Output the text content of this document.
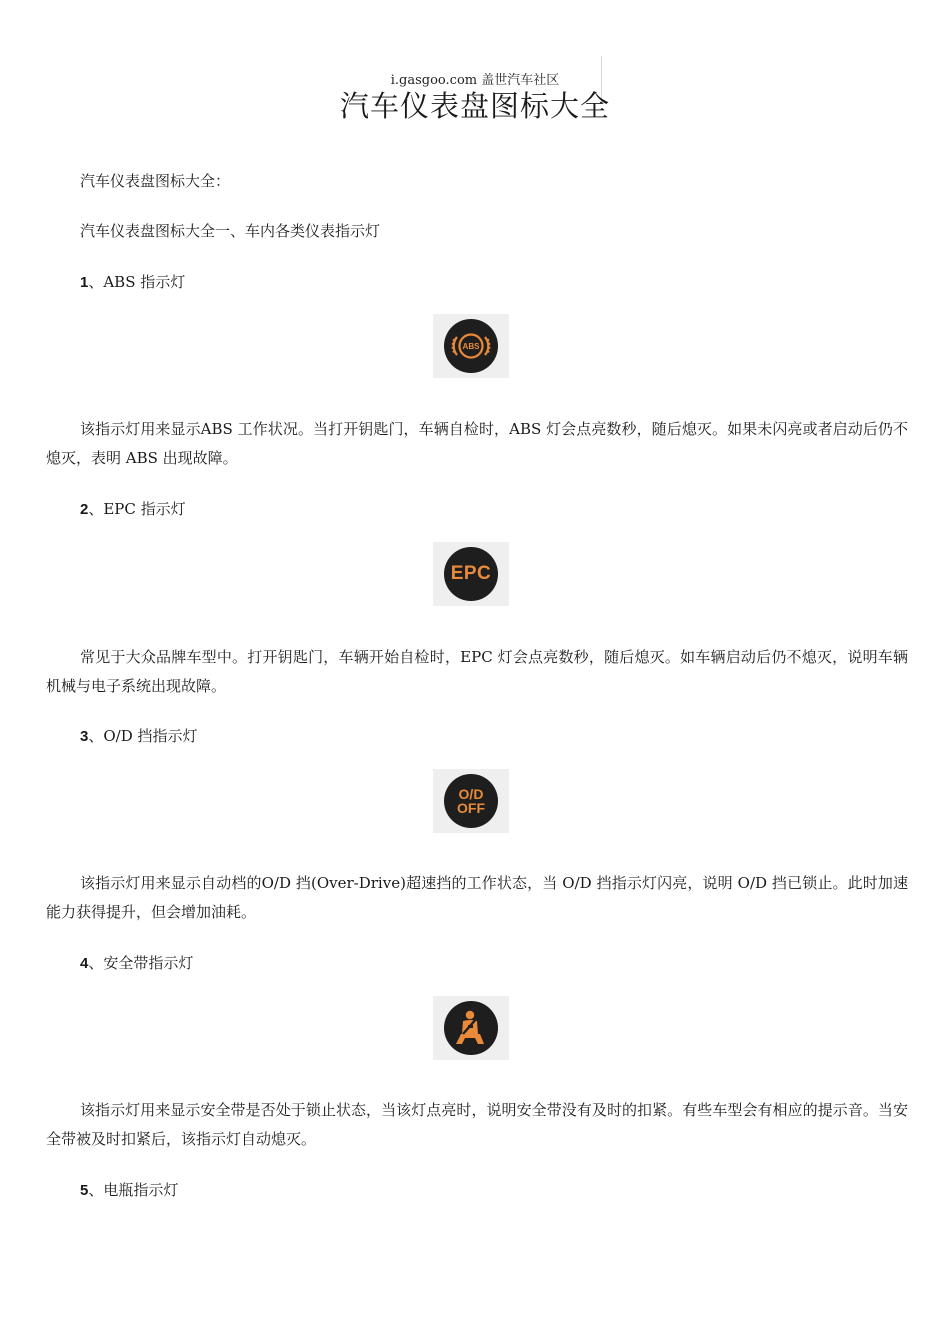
i.gasgoo.com 盖世汽车社区
汽车仪表盘图标大全
汽车仪表盘图标大全：
汽车仪表盘图标大全一、车内各类仪表指示灯
1、ABS 指示灯
ABS
该指示灯用来显示ABS 工作状况。当打开钥匙门，车辆自检时，ABS 灯会点亮数秒，随后熄灭。如果未闪亮或者启动后仍不熄灭，表明 ABS 出现故障。
2、EPC 指示灯
EPC
常见于大众品牌车型中。打开钥匙门，车辆开始自检时，EPC 灯会点亮数秒，随后熄灭。如车辆启动后仍不熄灭，说明车辆机械与电子系统出现故障。
3、O/D 挡指示灯
O/D
OFF
该指示灯用来显示自动档的O/D 挡(Over-Drive)超速挡的工作状态，当 O/D 挡指示灯闪亮，说明 O/D 挡已锁止。此时加速能力获得提升，但会增加油耗。
4、安全带指示灯
该指示灯用来显示安全带是否处于锁止状态，当该灯点亮时，说明安全带没有及时的扣紧。有些车型会有相应的提示音。当安全带被及时扣紧后，该指示灯自动熄灭。
5、电瓶指示灯
